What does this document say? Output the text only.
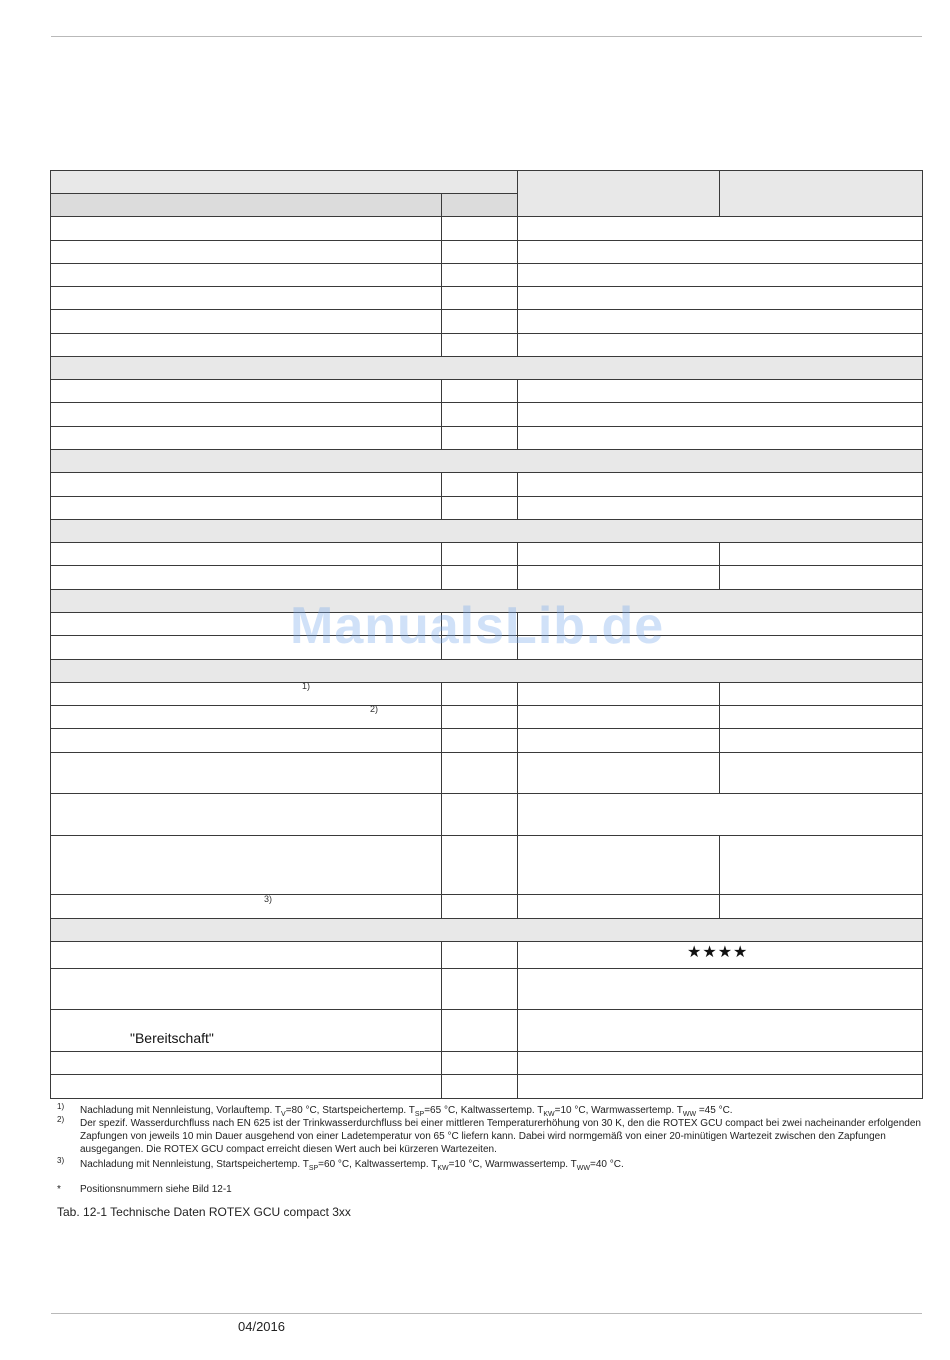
1)
2)
3)
★★★★
"Bereitschaft"
ManualsLib.de
1) Nachladung mit Nennleistung, Vorlauftemp. $T_V=80$ °C, Startspeichertemp. $T_{SP}=65$ °C, Kaltwassertemp. $T_{KW}=10$ °C, Warmwassertemp. $T_{WW} =45$ °C.
2) Der spezif. Wasserdurchfluss nach EN 625 ist der Trinkwasserdurchfluss bei einer mittleren Temperaturerhöhung von 30 K, den die ROTEX GCU compact bei zwei nacheinander erfolgenden Zapfungen von jeweils 10 min Dauer ausgehend von einer Ladetemperatur von 65 °C liefern kann. Dabei wird normgemäß von einer 20-minütigen Wartezeit zwischen den Zapfungen ausgegangen. Die ROTEX GCU compact erreicht diesen Wert auch bei kürzeren Wartezeiten.
3) Nachladung mit Nennleistung, Startspeichertemp. $T_{SP}=60$ °C, Kaltwassertemp. $T_{KW}=10$ °C, Warmwassertemp. $T_{WW}=40$ °C.
* Positionsnummern siehe Bild 12-1
Tab. 12-1 Technische Daten ROTEX GCU compact 3xx
04/2016
